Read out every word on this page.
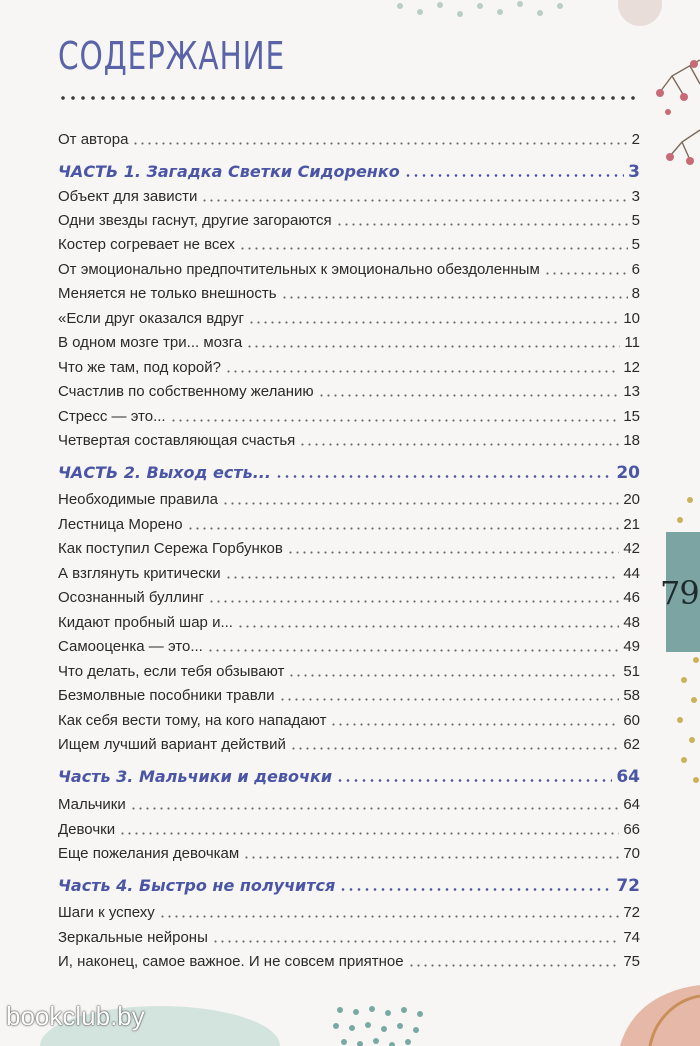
СОДЕРЖАНИЕ
От автора	2
ЧАСТЬ 1. Загадка Светки Сидоренко	3
Объект для зависти	3
Одни звезды гаснут, другие загораются	5
Костер согревает не всех	5
От эмоционально предпочтительных к эмоционально обездоленным	6
Меняется не только внешность	8
«Если друг оказался вдруг	10
В одном мозге три... мозга	11
Что же там, под корой?	12
Счастлив по собственному желанию	13
Стресс — это...	15
Четвертая составляющая счастья	18
ЧАСТЬ 2. Выход есть...	20
Необходимые правила	20
Лестница Морено	21
Как поступил Сережа Горбунков	42
А взглянуть критически	44
Осознанный буллинг	46
Кидают пробный шар и...	48
Самооценка — это...	49
Что делать, если тебя обзывают	51
Безмолвные пособники травли	58
Как себя вести тому, на кого нападают	60
Ищем лучший вариант действий	62
Часть 3. Мальчики и девочки	64
Мальчики	64
Девочки	66
Еще пожелания девочкам	70
Часть 4. Быстро не получится	72
Шаги к успеху	72
Зеркальные нейроны	74
И, наконец, самое важное. И не совсем приятное	75
79
bookclub.by
